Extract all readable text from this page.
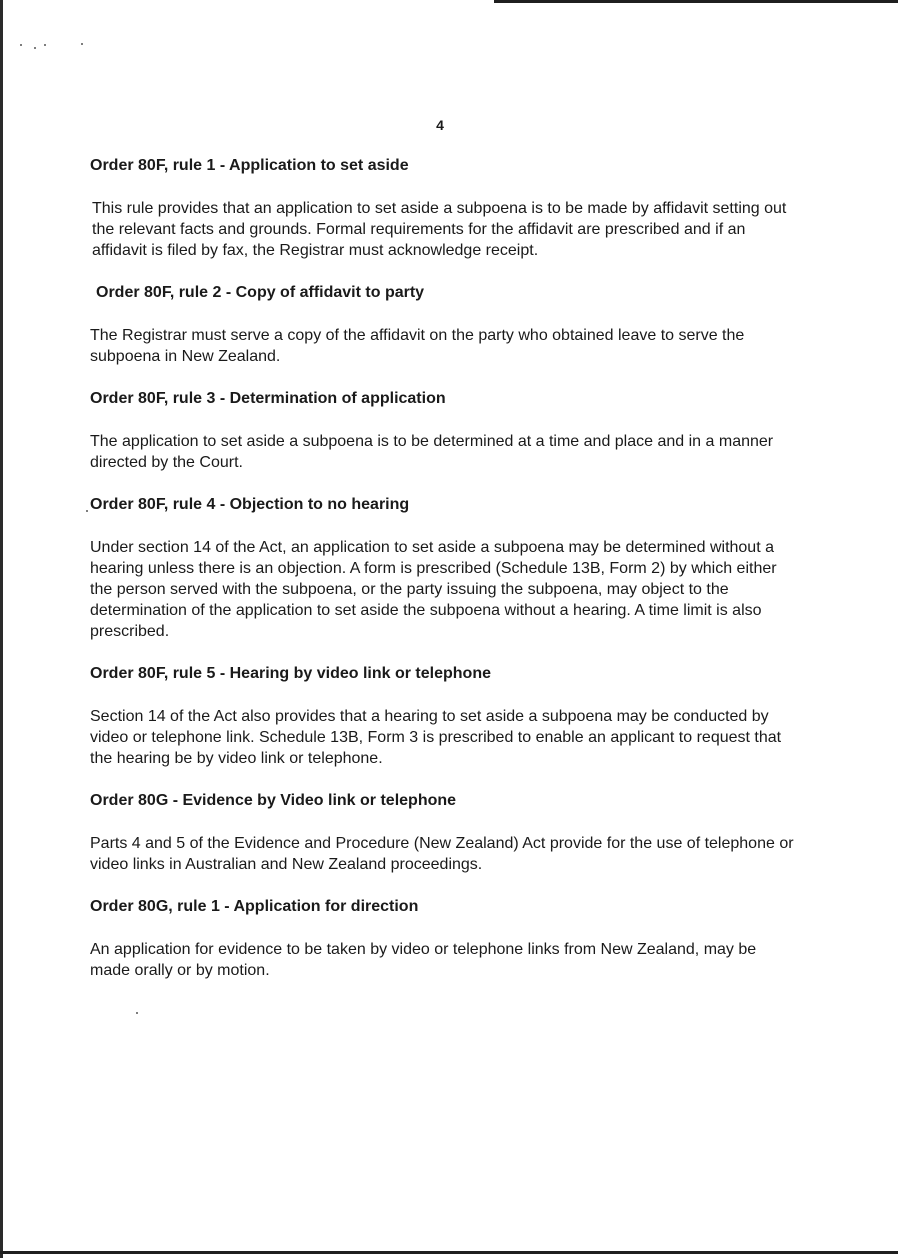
4

Order 80F, rule 1 - Application to set aside

This rule provides that an application to set aside a subpoena is to be made by affidavit setting out the relevant facts and grounds. Formal requirements for the affidavit are prescribed and if an affidavit is filed by fax, the Registrar must acknowledge receipt.

Order 80F, rule 2 - Copy of affidavit to party

The Registrar must serve a copy of the affidavit on the party who obtained leave to serve the subpoena in New Zealand.

Order 80F, rule 3 - Determination of application

The application to set aside a subpoena is to be determined at a time and place and in a manner directed by the Court.

Order 80F, rule 4 - Objection to no hearing

Under section 14 of the Act, an application to set aside a subpoena may be determined without a hearing unless there is an objection. A form is prescribed (Schedule 13B, Form 2) by which either the person served with the subpoena, or the party issuing the subpoena, may object to the determination of the application to set aside the subpoena without a hearing. A time limit is also prescribed.

Order 80F, rule 5 - Hearing by video link or telephone

Section 14 of the Act also provides that a hearing to set aside a subpoena may be conducted by video or telephone link. Schedule 13B, Form 3 is prescribed to enable an applicant to request that the hearing be by video link or telephone.

Order 80G - Evidence by Video link or telephone

Parts 4 and 5 of the Evidence and Procedure (New Zealand) Act provide for the use of telephone or video links in Australian and New Zealand proceedings.

Order 80G, rule 1 - Application for direction

An application for evidence to be taken by video or telephone links from New Zealand, may be made orally or by motion.
